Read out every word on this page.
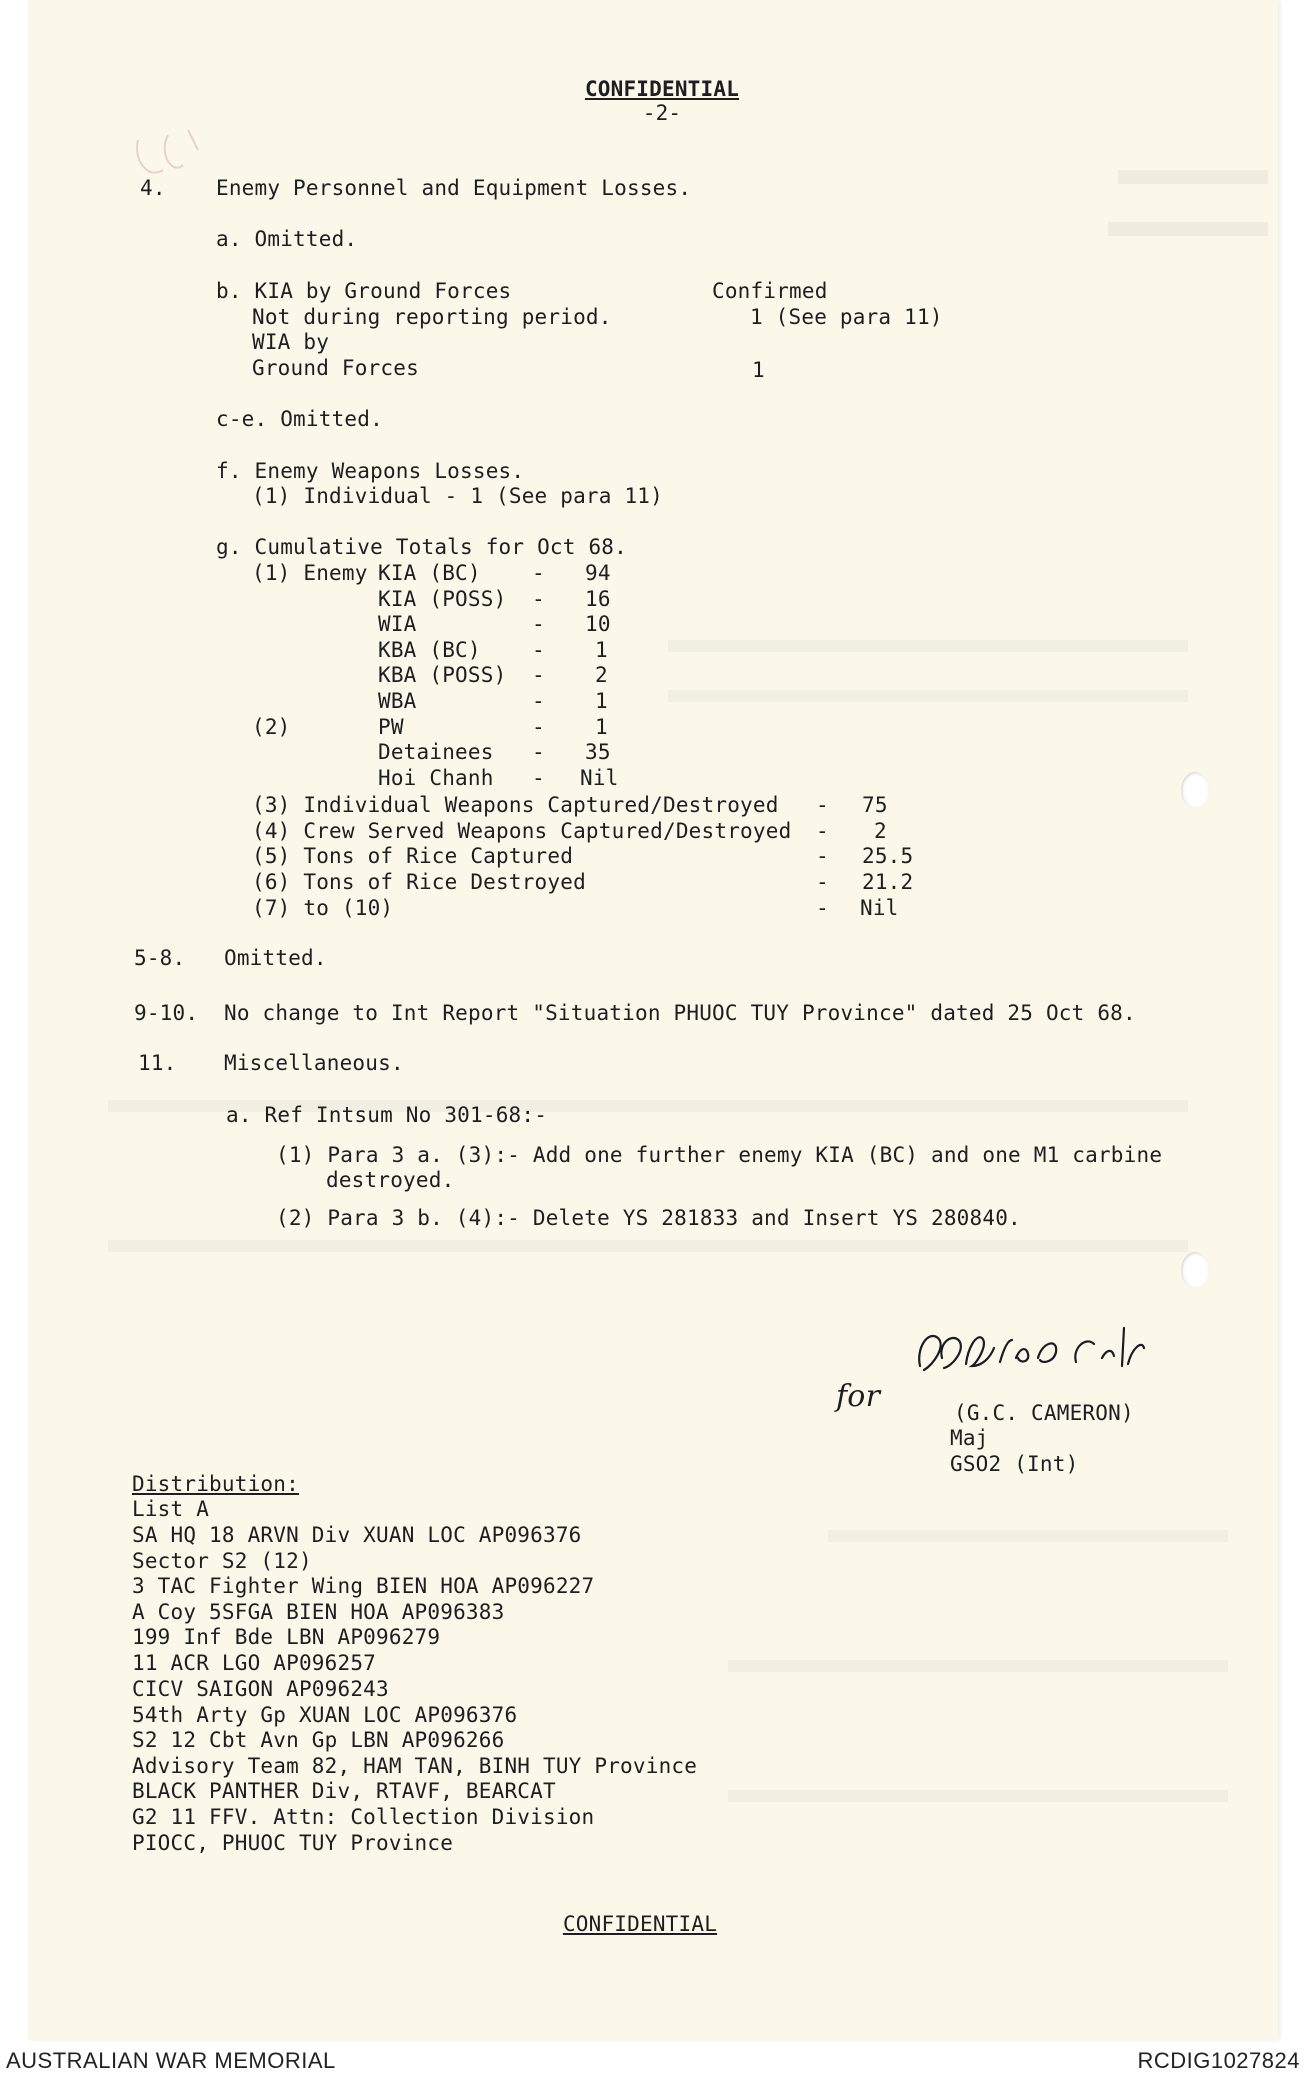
CONFIDENTIAL
-2-
4. Enemy Personnel and Equipment Losses.
a. Omitted.
b. KIA by Ground Forces	Confirmed
Not during reporting period.	1 (See para 11)
WIA by
Ground Forces	1
c-e. Omitted.
f. Enemy Weapons Losses.
(1) Individual - 1 (See para 11)
g. Cumulative Totals for Oct 68.
(1) Enemy
(2)
KIA (BC) - 94
KIA (POSS) - 16
WIA	- 10
KBA (BC) - 1
KBA (POSS) - 2
WBA	- 1
PW	- 1
Detainees - 35
Hoi Chanh - Nil
(3) Individual Weapons Captured/Destroyed - 75
(4) Crew Served Weapons Captured/Destroyed - 2
(5) Tons of Rice Captured	- 25.5
(6) Tons of Rice Destroyed	- 21.2
(7) to (10)	- Nil
5-8. Omitted.
9-10. No change to Int Report "Situation PHUOC TUY Province" dated 25 Oct 68.
11. Miscellaneous.
a. Ref Intsum No 301-68:-
(1) Para 3 a. (3):- Add one further enemy KIA (BC) and one M1 carbine
destroyed.
(2) Para 3 b. (4):- Delete YS 281833 and Insert YS 280840.
for	(G.C. CAMERON)
Maj
GSO2 (Int)
Distribution:
List A
SA HQ 18 ARVN Div XUAN LOC AP096376
Sector S2 (12)
3 TAC Fighter Wing BIEN HOA AP096227
A Coy 5SFGA BIEN HOA AP096383
199 Inf Bde LBN AP096279
11 ACR LGO AP096257
CICV SAIGON AP096243
54th Arty Gp XUAN LOC AP096376
S2 12 Cbt Avn Gp LBN AP096266
Advisory Team 82, HAM TAN, BINH TUY Province
BLACK PANTHER Div, RTAVF, BEARCAT
G2 11 FFV. Attn: Collection Division
PIOCC, PHUOC TUY Province
CONFIDENTIAL
AUSTRALIAN WAR MEMORIAL	RCDIG1027824
